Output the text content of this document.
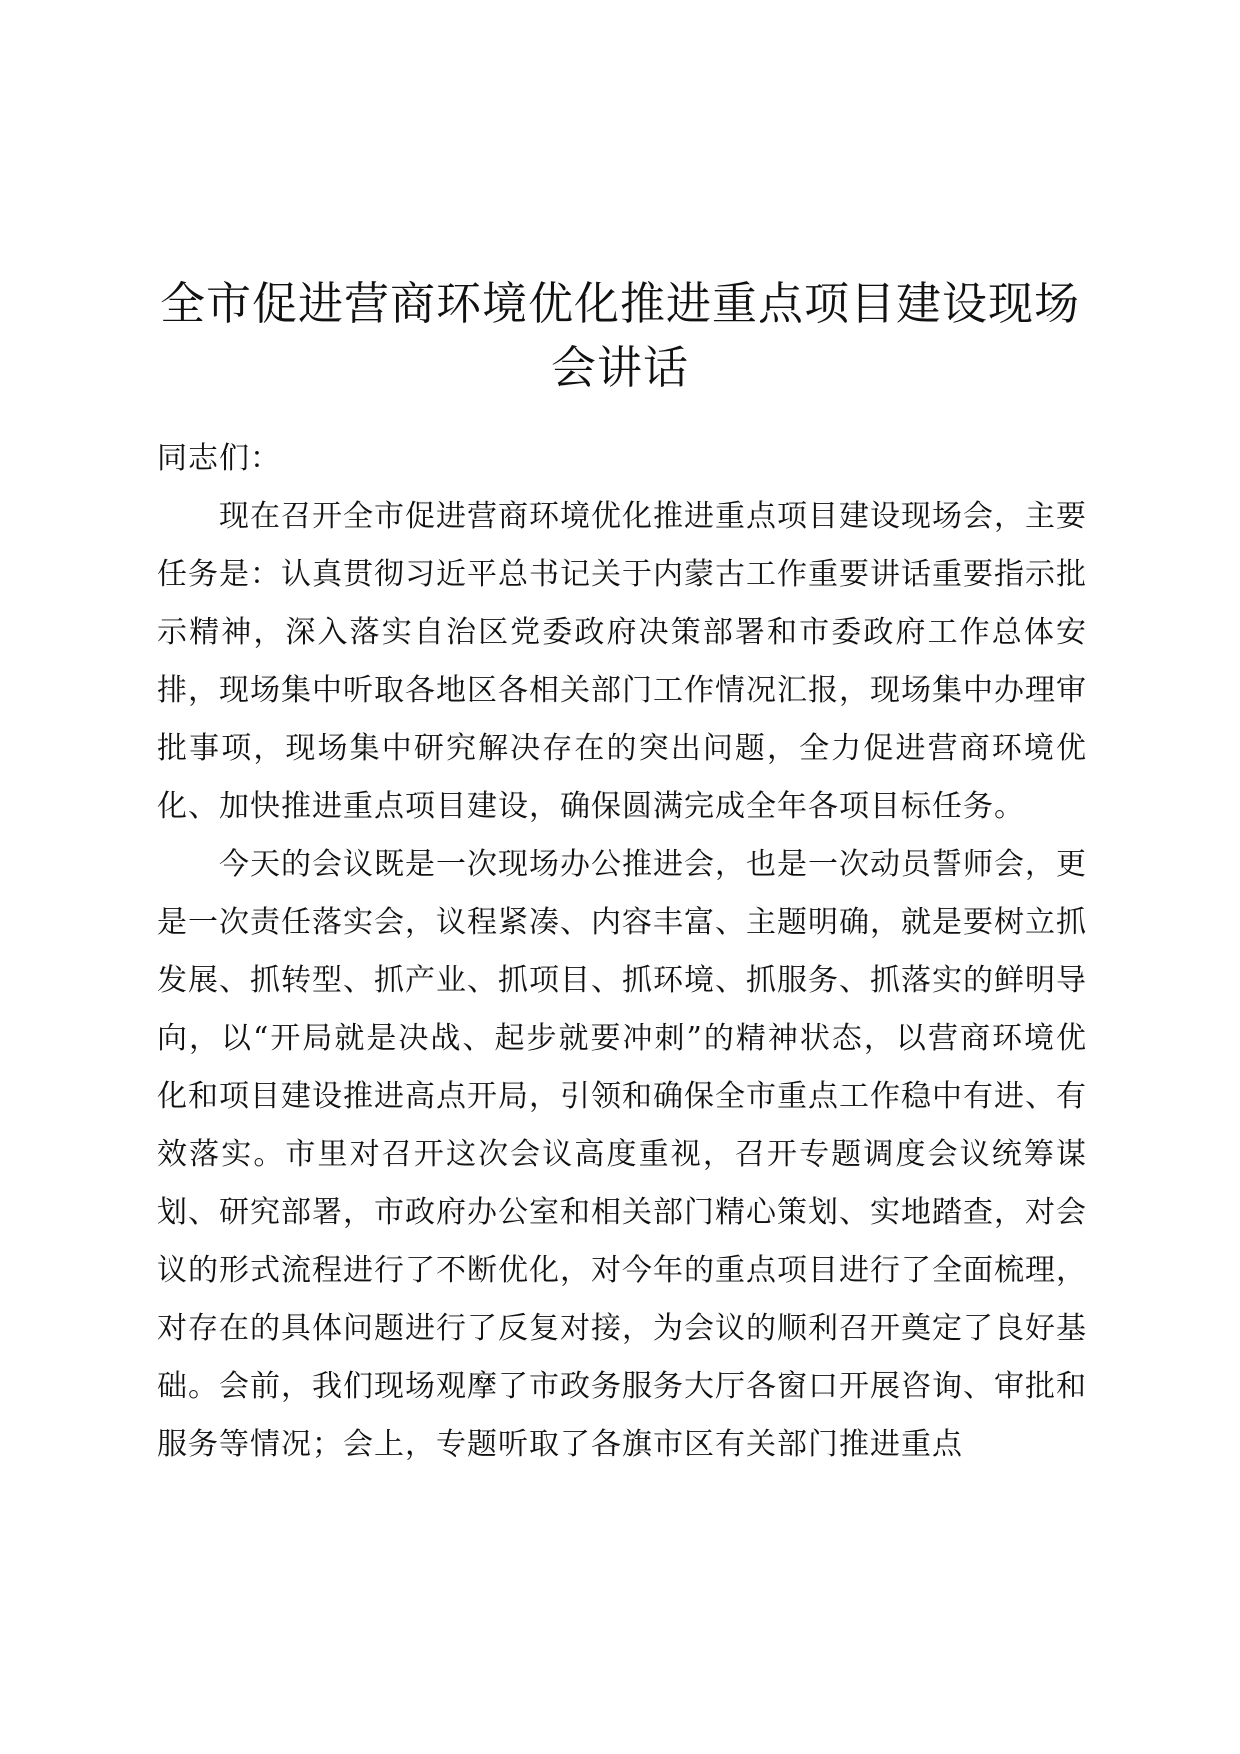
全市促进营商环境优化推进重点项目建设现场会讲话

同志们：

现在召开全市促进营商环境优化推进重点项目建设现场会，主要任务是：认真贯彻习近平总书记关于内蒙古工作重要讲话重要指示批示精神，深入落实自治区党委政府决策部署和市委政府工作总体安排，现场集中听取各地区各相关部门工作情况汇报，现场集中办理审批事项，现场集中研究解决存在的突出问题，全力促进营商环境优化、加快推进重点项目建设，确保圆满完成全年各项目标任务。

今天的会议既是一次现场办公推进会，也是一次动员誓师会，更是一次责任落实会，议程紧凑、内容丰富、主题明确，就是要树立抓发展、抓转型、抓产业、抓项目、抓环境、抓服务、抓落实的鲜明导向，以“开局就是决战、起步就要冲刺”的精神状态，以营商环境优化和项目建设推进高点开局，引领和确保全市重点工作稳中有进、有效落实。市里对召开这次会议高度重视，召开专题调度会议统筹谋划、研究部署，市政府办公室和相关部门精心策划、实地踏查，对会议的形式流程进行了不断优化，对今年的重点项目进行了全面梳理，对存在的具体问题进行了反复对接，为会议的顺利召开奠定了良好基础。会前，我们现场观摩了市政务服务大厅各窗口开展咨询、审批和服务等情况；会上，专题听取了各旗市区有关部门推进重点
